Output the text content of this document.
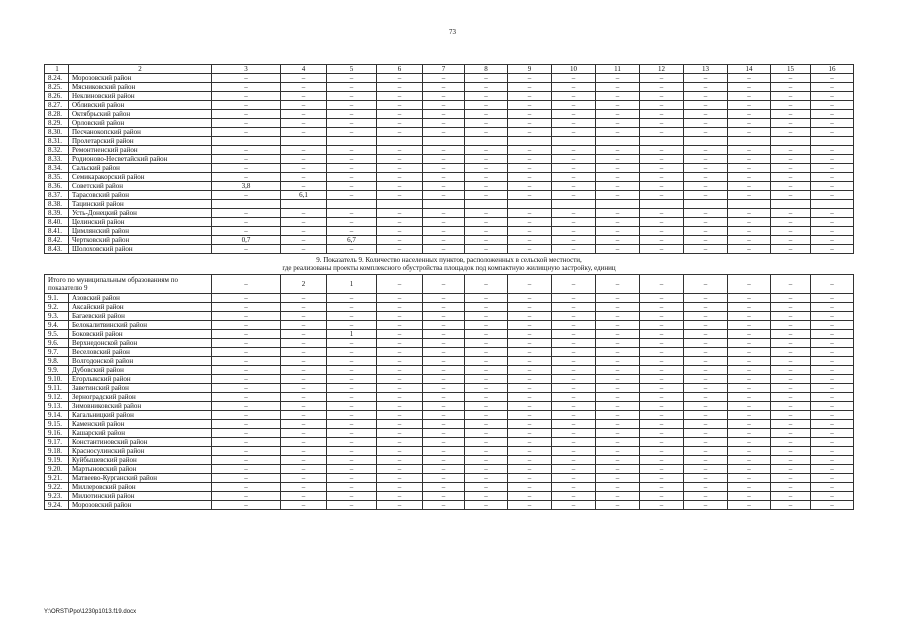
73
1	2	3	4	5	6	7	8	9	10	11	12	13	14	15	16
8.24.	Морозовский район	–	–	–	–	–	–	–	–	–	–	–	–	–	–
8.25.	Мясниковский район	–	–	–	–	–	–	–	–	–	–	–	–	–	–
8.26.	Неклиновский район	–	–	–	–	–	–	–	–	–	–	–	–	–	–
8.27.	Обливский район	–	–	–	–	–	–	–	–	–	–	–	–	–	–
8.28.	Октябрьский район	–	–	–	–	–	–	–	–	–	–	–	–	–	–
8.29.	Орловский район	–	–	–	–	–	–	–	–	–	–	–	–	–	–
8.30.	Песчанокопский район	–	–	–	–	–	–	–	–	–	–	–	–	–	–
8.31.	Пролетарский район														
8.32.	Ремонтненский район	–	–	–	–	–	–	–	–	–	–	–	–	–	–
8.33.	Родионово-Несветайский район	–	–	–	–	–	–	–	–	–	–	–	–	–	–
8.34.	Сальский район	–	–	–	–	–	–	–	–	–	–	–	–	–	–
8.35.	Семикаракорский район	–	–	–	–	–	–	–	–	–	–	–	–	–	–
8.36.	Советский район	3,8	–	–	–	–	–	–	–	–	–	–	–	–	–
8.37.	Тарасовский район	–	6,1	–	–	–	–	–	–	–	–	–	–	–	–
8.38.	Тацинский район														
8.39.	Усть-Донецкий район	–	–	–	–	–	–	–	–	–	–	–	–	–	–
8.40.	Целинский район	–	–	–	–	–	–	–	–	–	–	–	–	–	–
8.41.	Цимлянский район	–	–	–	–	–	–	–	–	–	–	–	–	–	–
8.42.	Чертковский район	0,7	–	6,7	–	–	–	–	–	–	–	–	–	–	–
8.43.	Шолоховский район	–	–	–	–	–	–	–	–	–	–	–	–	–	–

9. Показатель 9. Количество населенных пунктов, расположенных в сельской местности,
где реализованы проекты комплексного обустройства площадок под компактную жилищную застройку, единиц															

Итого по муниципальным образованиям по показателю 9		–	2	1	–	–	–	–	–	–	–	–	–	–	–
9.1.	Азовский район	–	–	–	–	–	–	–	–	–	–	–	–	–	–
9.2.	Аксайский район	–	–	–	–	–	–	–	–	–	–	–	–	–	–
9.3.	Багаевский район	–	–	–	–	–	–	–	–	–	–	–	–	–	–
9.4.	Белокалитвинский район	–	–	–	–	–	–	–	–	–	–	–	–	–	–
9.5.	Боковский район	–	–	1	–	–	–	–	–	–	–	–	–	–	–
9.6.	Верхнедонской район	–	–	–	–	–	–	–	–	–	–	–	–	–	–
9.7.	Веселовский район	–	–	–	–	–	–	–	–	–	–	–	–	–	–
9.8.	Волгодонской район	–	–	–	–	–	–	–	–	–	–	–	–	–	–
9.9.	Дубовский район	–	–	–	–	–	–	–	–	–	–	–	–	–	–
9.10.	Егорлыкский район	–	–	–	–	–	–	–	–	–	–	–	–	–	–
9.11.	Заветинский район	–	–	–	–	–	–	–	–	–	–	–	–	–	–
9.12.	Зерноградский район	–	–	–	–	–	–	–	–	–	–	–	–	–	–
9.13.	Зимовниковский район	–	–	–	–	–	–	–	–	–	–	–	–	–	–
9.14.	Кагальницкий район	–	–	–	–	–	–	–	–	–	–	–	–	–	–
9.15.	Каменский район	–	–	–	–	–	–	–	–	–	–	–	–	–	–
9.16.	Кашарский район	–	–	–	–	–	–	–	–	–	–	–	–	–	–
9.17.	Константиновский район	–	–	–	–	–	–	–	–	–	–	–	–	–	–
9.18.	Красносулинский район	–	–	–	–	–	–	–	–	–	–	–	–	–	–
9.19.	Куйбышевский район	–	–	–	–	–	–	–	–	–	–	–	–	–	–
9.20.	Мартыновский район	–	–	–	–	–	–	–	–	–	–	–	–	–	–
9.21.	Матвеево-Курганский район	–	–	–	–	–	–	–	–	–	–	–	–	–	–
9.22.	Миллеровский район	–	–	–	–	–	–	–	–	–	–	–	–	–	–
9.23.	Милютинский район	–	–	–	–	–	–	–	–	–	–	–	–	–	–
9.24.	Морозовский район	–	–	–	–	–	–	–	–	–	–	–	–	–	–
Y:\ORST\Ppo\1230p1013.f19.docx
